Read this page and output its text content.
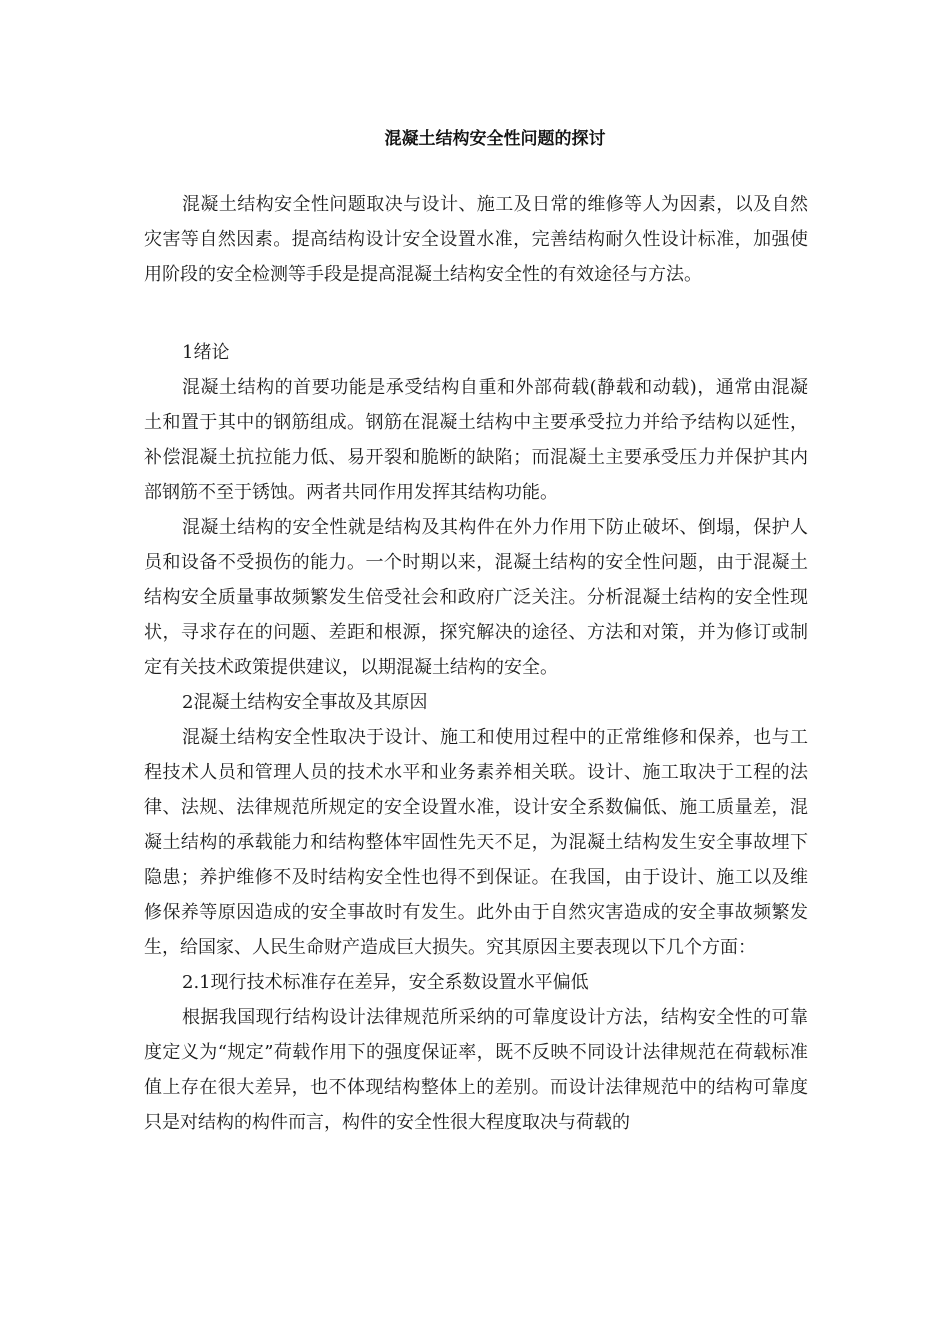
混凝土结构安全性问题的探讨

混凝土结构安全性问题取决与设计、施工及日常的维修等人为因素，以及自然灾害等自然因素。提高结构设计安全设置水准，完善结构耐久性设计标准，加强使用阶段的安全检测等手段是提高混凝土结构安全性的有效途径与方法。

1绪论

混凝土结构的首要功能是承受结构自重和外部荷载(静载和动载)，通常由混凝土和置于其中的钢筋组成。钢筋在混凝土结构中主要承受拉力并给予结构以延性，补偿混凝土抗拉能力低、易开裂和脆断的缺陷；而混凝土主要承受压力并保护其内部钢筋不至于锈蚀。两者共同作用发挥其结构功能。

混凝土结构的安全性就是结构及其构件在外力作用下防止破坏、倒塌，保护人员和设备不受损伤的能力。一个时期以来，混凝土结构的安全性问题，由于混凝土结构安全质量事故频繁发生倍受社会和政府广泛关注。分析混凝土结构的安全性现状，寻求存在的问题、差距和根源，探究解决的途径、方法和对策，并为修订或制定有关技术政策提供建议，以期混凝土结构的安全。

2混凝土结构安全事故及其原因

混凝土结构安全性取决于设计、施工和使用过程中的正常维修和保养，也与工程技术人员和管理人员的技术水平和业务素养相关联。设计、施工取决于工程的法律、法规、法律规范所规定的安全设置水准，设计安全系数偏低、施工质量差，混凝土结构的承载能力和结构整体牢固性先天不足，为混凝土结构发生安全事故埋下隐患；养护维修不及时结构安全性也得不到保证。在我国，由于设计、施工以及维修保养等原因造成的安全事故时有发生。此外由于自然灾害造成的安全事故频繁发生，给国家、人民生命财产造成巨大损失。究其原因主要表现以下几个方面：

2.1现行技术标准存在差异，安全系数设置水平偏低

根据我国现行结构设计法律规范所采纳的可靠度设计方法，结构安全性的可靠度定义为“规定”荷载作用下的强度保证率，既不反映不同设计法律规范在荷载标准值上存在很大差异，也不体现结构整体上的差别。而设计法律规范中的结构可靠度只是对结构的构件而言，构件的安全性很大程度取决与荷载的
